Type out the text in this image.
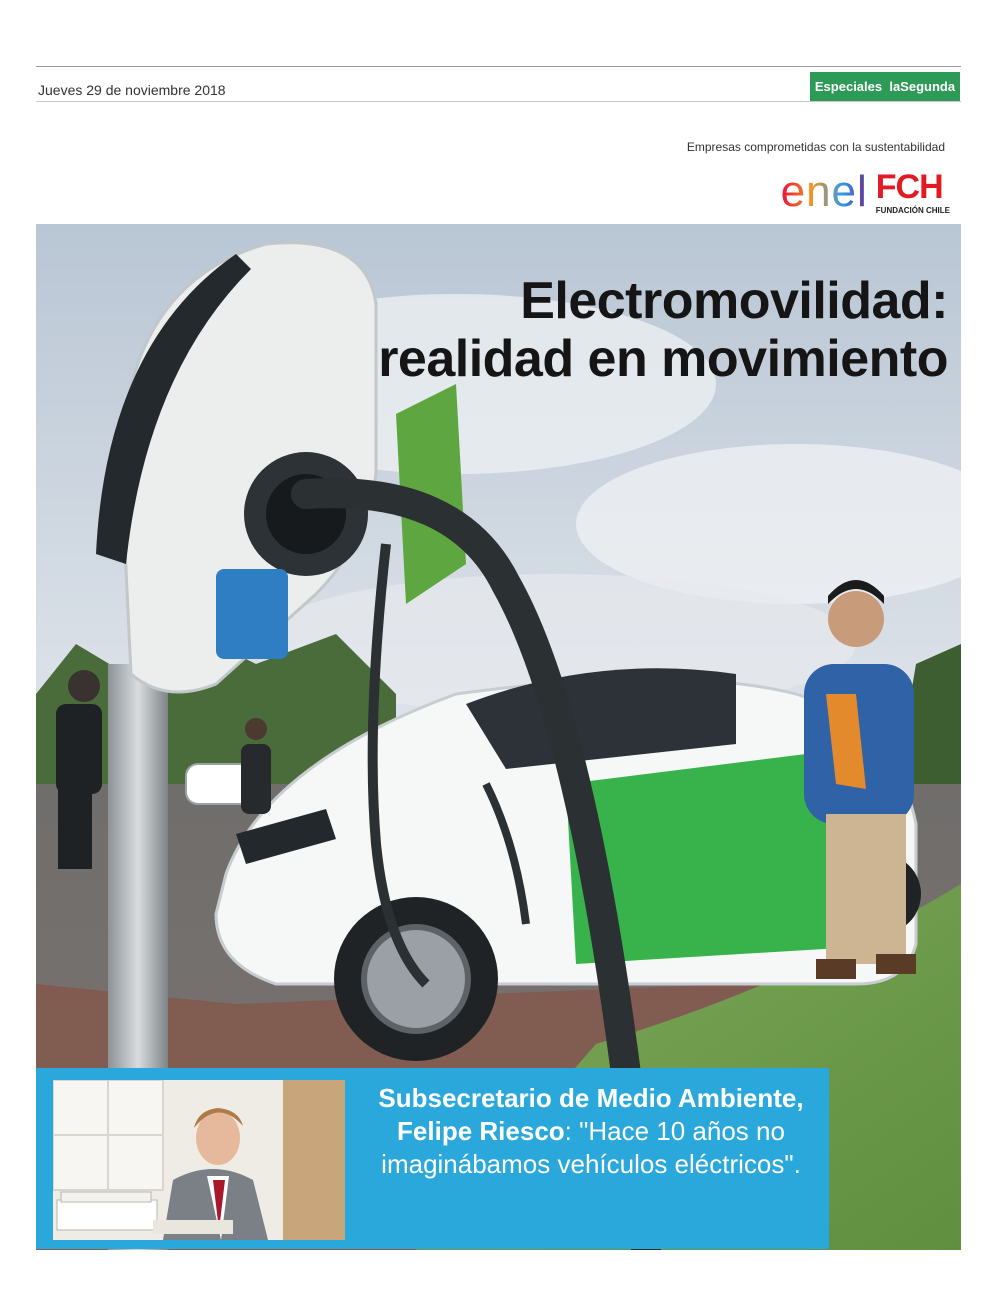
Jueves 29 de noviembre 2018	Especiales laSegunda
Empresas comprometidas con la sustentabilidad
enel FCH
FUNDACIÓN CHILE
Electromovilidad:
realidad en movimiento
Subsecretario de Medio Ambiente,
Felipe Riesco: "Hace 10 años no
imaginábamos vehículos eléctricos".
